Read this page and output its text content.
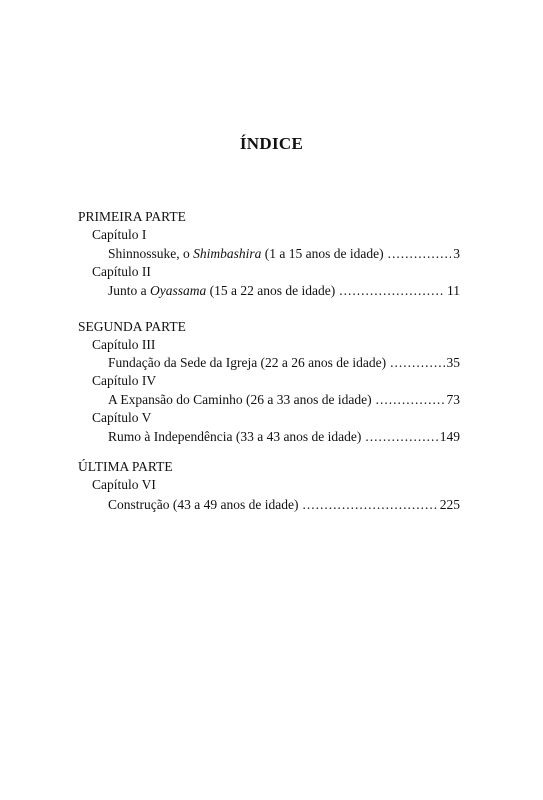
ÍNDICE
PRIMEIRA PARTE
Capítulo I
Shinnossuke, o Shimbashira (1 a 15 anos de idade) .....	3
Capítulo II
Junto a Oyassama (15 a 22 anos de idade) .....	11
SEGUNDA PARTE
Capítulo III
Fundação da Sede da Igreja (22 a 26 anos de idade) .....	35
Capítulo IV
A Expansão do Caminho (26 a 33 anos de idade) .....	73
Capítulo V
Rumo à Independência (33 a 43 anos de idade) .....	149
ÚLTIMA PARTE
Capítulo VI
Construção (43 a 49 anos de idade) .....	225
